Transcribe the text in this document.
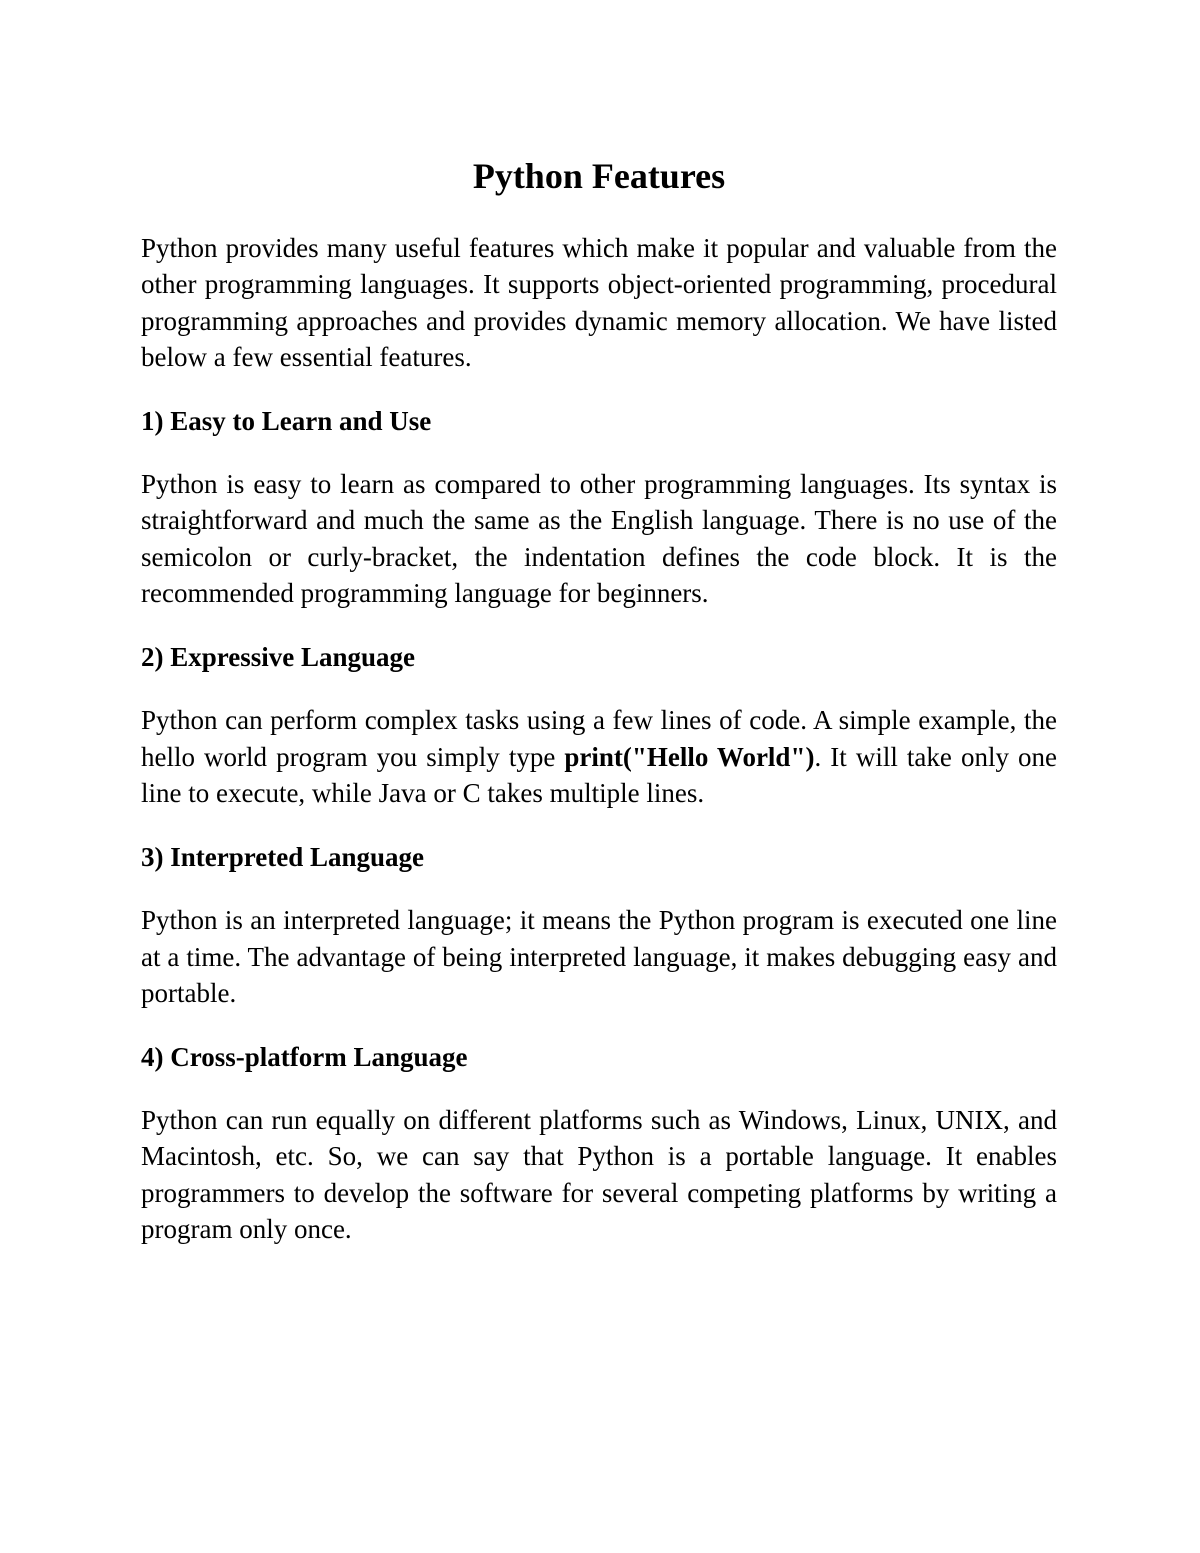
Python Features

Python provides many useful features which make it popular and valuable from the other programming languages. It supports object-oriented programming, procedural programming approaches and provides dynamic memory allocation. We have listed below a few essential features.

1) Easy to Learn and Use

Python is easy to learn as compared to other programming languages. Its syntax is straightforward and much the same as the English language. There is no use of the semicolon or curly-bracket, the indentation defines the code block. It is the recommended programming language for beginners.

2) Expressive Language

Python can perform complex tasks using a few lines of code. A simple example, the hello world program you simply type print("Hello World"). It will take only one line to execute, while Java or C takes multiple lines.

3) Interpreted Language

Python is an interpreted language; it means the Python program is executed one line at a time. The advantage of being interpreted language, it makes debugging easy and portable.

4) Cross-platform Language

Python can run equally on different platforms such as Windows, Linux, UNIX, and Macintosh, etc. So, we can say that Python is a portable language. It enables programmers to develop the software for several competing platforms by writing a program only once.
